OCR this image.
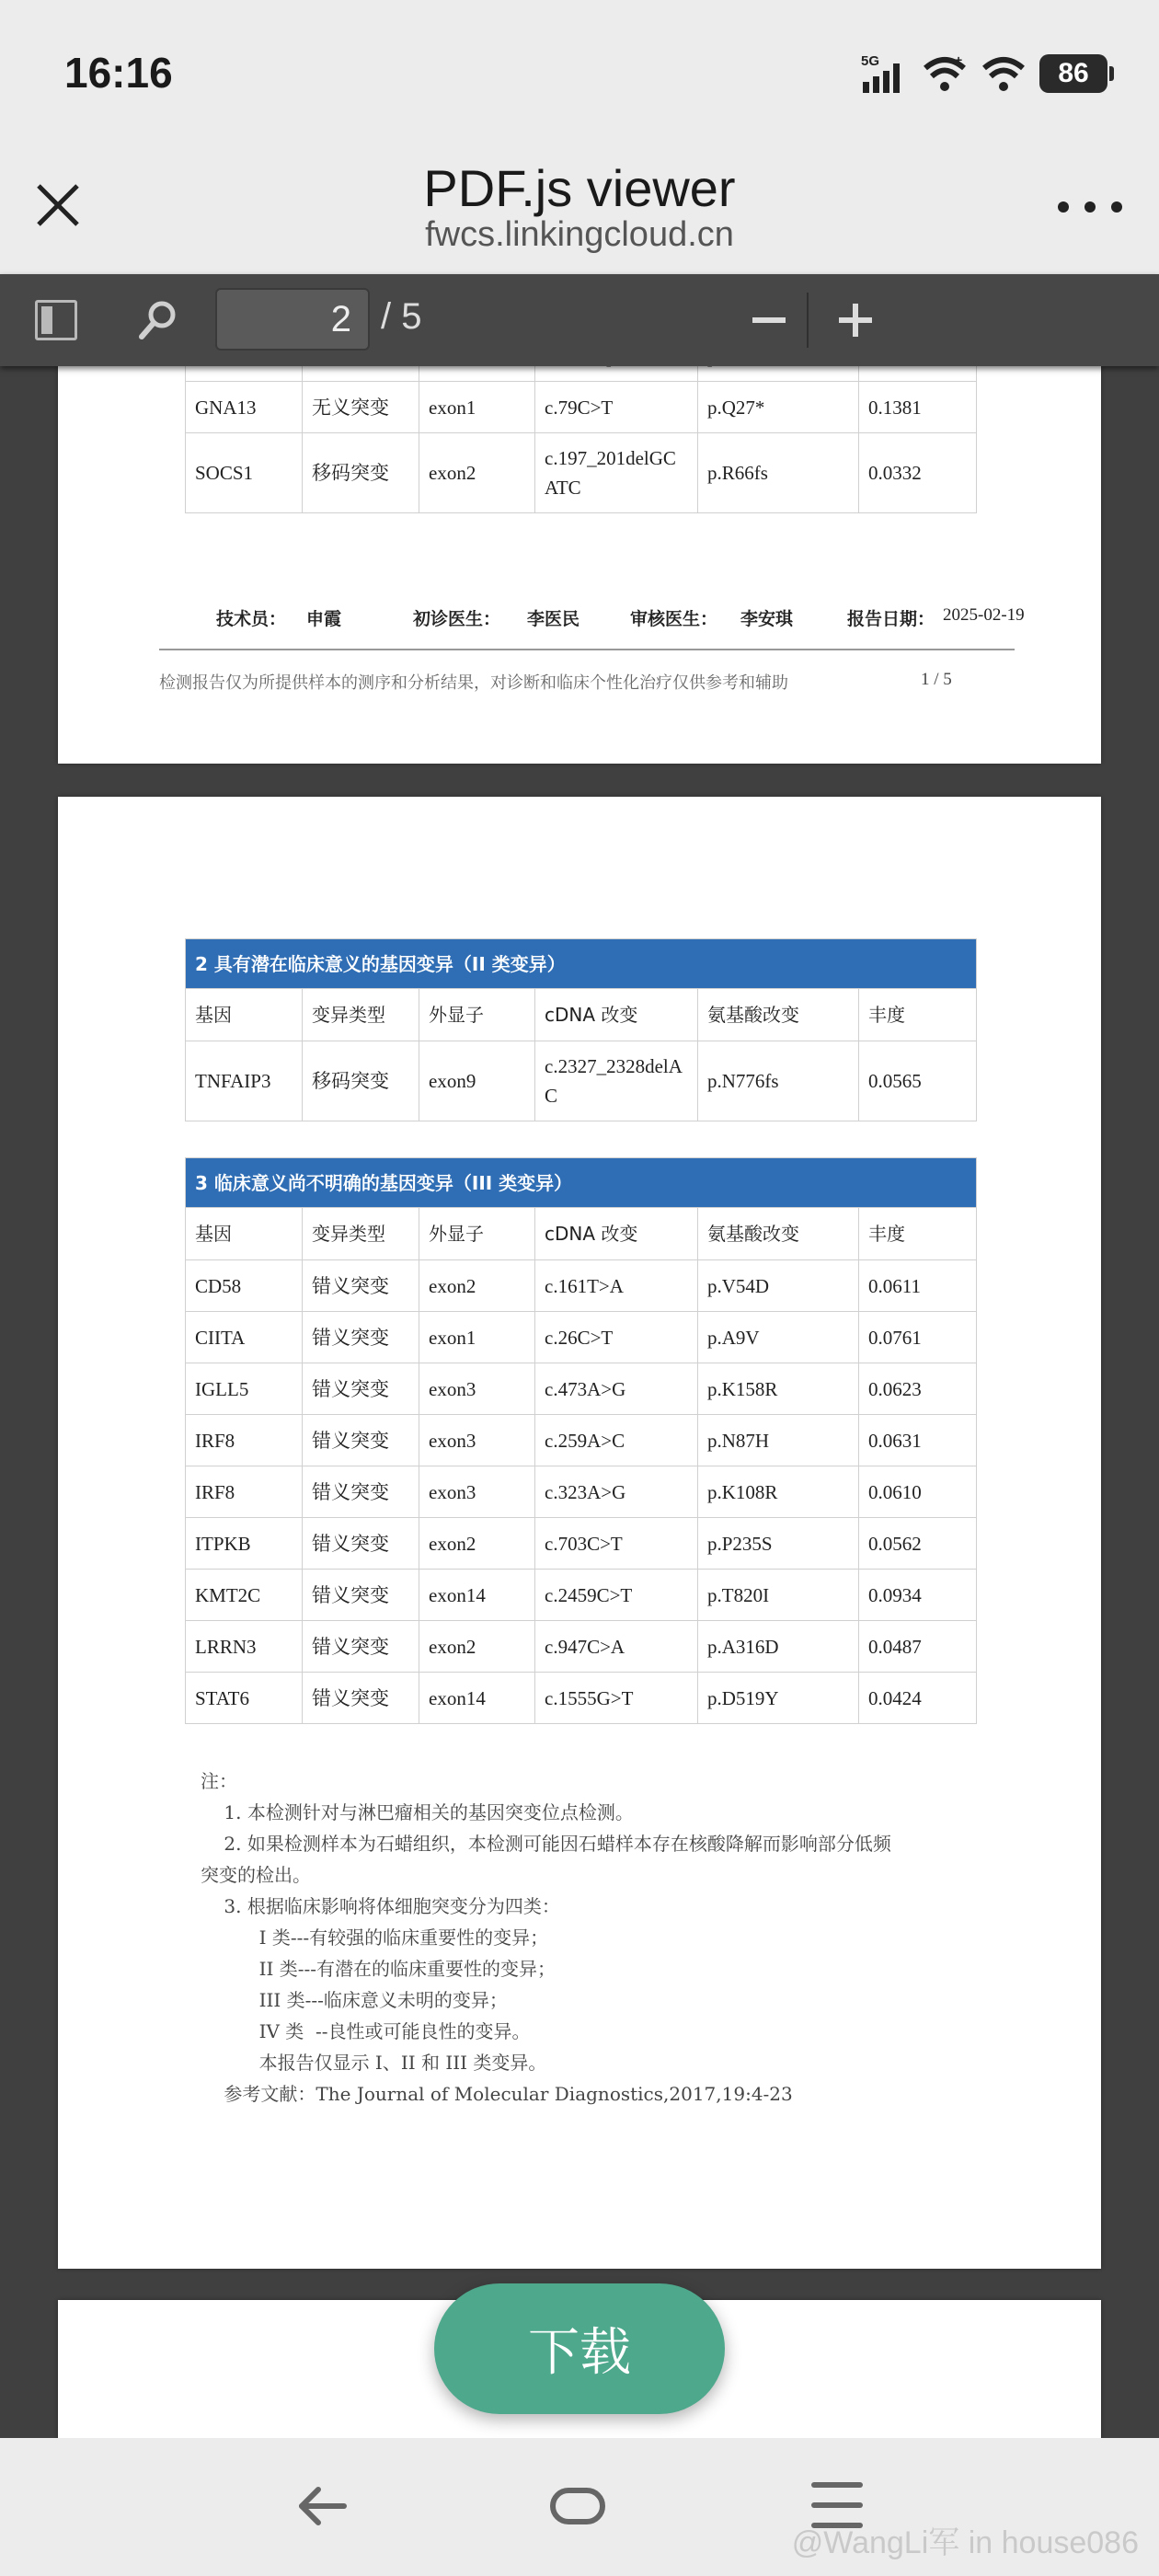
16:16	5G	+	86
PDF.js viewer
fwcs.linkingcloud.cn
2 / 5

GNA13	无义突变	exon1	c.79C>T	p.Q27*	0.1381
SOCS1	移码突变	exon2	c.197_201delGCATC	p.R66fs	0.0332
技术员： 申霞	初诊医生： 李医民	审核医生： 李安琪	报告日期： 2025-02-19
检测报告仅为所提供样本的测序和分析结果，对诊断和临床个性化治疗仅供参考和辅助	1 / 5
2 具有潜在临床意义的基因变异（II 类变异）					
基因	变异类型	外显子	cDNA 改变	氨基酸改变	丰度
TNFAIP3	移码突变	exon9	c.2327_2328delAC	p.N776fs	0.0565
3 临床意义尚不明确的基因变异（III 类变异）					
基因	变异类型	外显子	cDNA 改变	氨基酸改变	丰度
CD58	错义突变	exon2	c.161T>A	p.V54D	0.0611
CIITA	错义突变	exon1	c.26C>T	p.A9V	0.0761
IGLL5	错义突变	exon3	c.473A>G	p.K158R	0.0623
IRF8	错义突变	exon3	c.259A>C	p.N87H	0.0631
IRF8	错义突变	exon3	c.323A>G	p.K108R	0.0610
ITPKB	错义突变	exon2	c.703C>T	p.P235S	0.0562
KMT2C	错义突变	exon14	c.2459C>T	p.T820I	0.0934
LRRN3	错义突变	exon2	c.947C>A	p.A316D	0.0487
STAT6	错义突变	exon14	c.1555G>T	p.D519Y	0.0424
注：
1. 本检测针对与淋巴瘤相关的基因突变位点检测。
2. 如果检测样本为石蜡组织，本检测可能因石蜡样本存在核酸降解而影响部分低频
突变的检出。
3. 根据临床影响将体细胞突变分为四类：
I 类---有较强的临床重要性的变异；
II 类---有潜在的临床重要性的变异；
III 类---临床意义未明的变异；
IV 类  --良性或可能良性的变异。
本报告仅显示 I、II 和 III 类变异。
参考文献：The Journal of Molecular Diagnostics,2017,19:4-23
下载
@WangLi军 in house086
